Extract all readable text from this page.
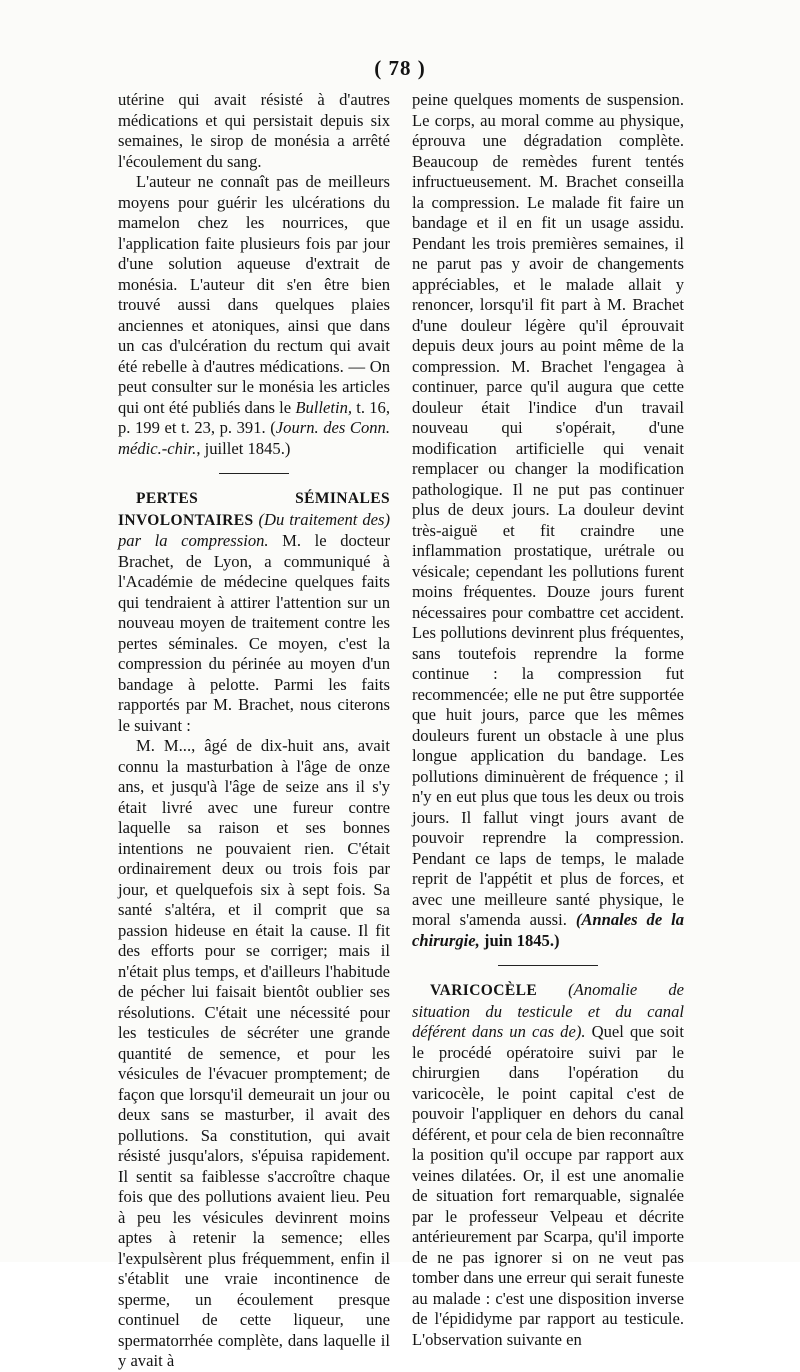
( 78 )

utérine qui avait résisté à d'autres médications et qui persistait depuis six semaines, le sirop de monésia a arrêté l'écoulement du sang.

L'auteur ne connaît pas de meilleurs moyens pour guérir les ulcérations du mamelon chez les nourrices, que l'application faite plusieurs fois par jour d'une solution aqueuse d'extrait de monésia. L'auteur dit s'en être bien trouvé aussi dans quelques plaies anciennes et atoniques, ainsi que dans un cas d'ulcération du rectum qui avait été rebelle à d'autres médications. — On peut consulter sur le monésia les articles qui ont été publiés dans le Bulletin, t. 16, p. 199 et t. 23, p. 391. (Journ. des Conn. médic.-chir., juillet 1845.)

PERTES SÉMINALES INVOLONTAIRES (Du traitement des) par la compression. M. le docteur Brachet, de Lyon, a communiqué à l'Académie de médecine quelques faits qui tendraient à attirer l'attention sur un nouveau moyen de traitement contre les pertes séminales. Ce moyen, c'est la compression du périnée au moyen d'un bandage à pelotte. Parmi les faits rapportés par M. Brachet, nous citerons le suivant :

M. M..., âgé de dix-huit ans, avait connu la masturbation à l'âge de onze ans, et jusqu'à l'âge de seize ans il s'y était livré avec une fureur contre laquelle sa raison et ses bonnes intentions ne pouvaient rien. C'était ordinairement deux ou trois fois par jour, et quelquefois six à sept fois. Sa santé s'altéra, et il comprit que sa passion hideuse en était la cause. Il fit des efforts pour se corriger; mais il n'était plus temps, et d'ailleurs l'habitude de pécher lui faisait bientôt oublier ses résolutions. C'était une nécessité pour les testicules de sécréter une grande quantité de semence, et pour les vésicules de l'évacuer promptement; de façon que lorsqu'il demeurait un jour ou deux sans se masturber, il avait des pollutions. Sa constitution, qui avait résisté jusqu'alors, s'épuisa rapidement. Il sentit sa faiblesse s'accroître chaque fois que des pollutions avaient lieu. Peu à peu les vésicules devinrent moins aptes à retenir la semence; elles l'expulsèrent plus fréquemment, enfin il s'établit une vraie incontinence de sperme, un écoulement presque continuel de cette liqueur, une spermatorrhée complète, dans laquelle il y avait à

peine quelques moments de suspension. Le corps, au moral comme au physique, éprouva une dégradation complète. Beaucoup de remèdes furent tentés infructueusement. M. Brachet conseilla la compression. Le malade fit faire un bandage et il en fit un usage assidu. Pendant les trois premières semaines, il ne parut pas y avoir de changements appréciables, et le malade allait y renoncer, lorsqu'il fit part à M. Brachet d'une douleur légère qu'il éprouvait depuis deux jours au point même de la compression. M. Brachet l'engagea à continuer, parce qu'il augura que cette douleur était l'indice d'un travail nouveau qui s'opérait, d'une modification artificielle qui venait remplacer ou changer la modification pathologique. Il ne put pas continuer plus de deux jours. La douleur devint très-aiguë et fit craindre une inflammation prostatique, urétrale ou vésicale; cependant les pollutions furent moins fréquentes. Douze jours furent nécessaires pour combattre cet accident. Les pollutions devinrent plus fréquentes, sans toutefois reprendre la forme continue : la compression fut recommencée; elle ne put être supportée que huit jours, parce que les mêmes douleurs furent un obstacle à une plus longue application du bandage. Les pollutions diminuèrent de fréquence ; il n'y en eut plus que tous les deux ou trois jours. Il fallut vingt jours avant de pouvoir reprendre la compression. Pendant ce laps de temps, le malade reprit de l'appétit et plus de forces, et avec une meilleure santé physique, le moral s'amenda aussi. (Annales de la chirurgie, juin 1845.)

VARICOCÈLE (Anomalie de situation du testicule et du canal déférent dans un cas de). Quel que soit le procédé opératoire suivi par le chirurgien dans l'opération du varicocèle, le point capital c'est de pouvoir l'appliquer en dehors du canal déférent, et pour cela de bien reconnaître la position qu'il occupe par rapport aux veines dilatées. Or, il est une anomalie de situation fort remarquable, signalée par le professeur Velpeau et décrite antérieurement par Scarpa, qu'il importe de ne pas ignorer si on ne veut pas tomber dans une erreur qui serait funeste au malade : c'est une disposition inverse de l'épididyme par rapport au testicule. L'observation suivante en
